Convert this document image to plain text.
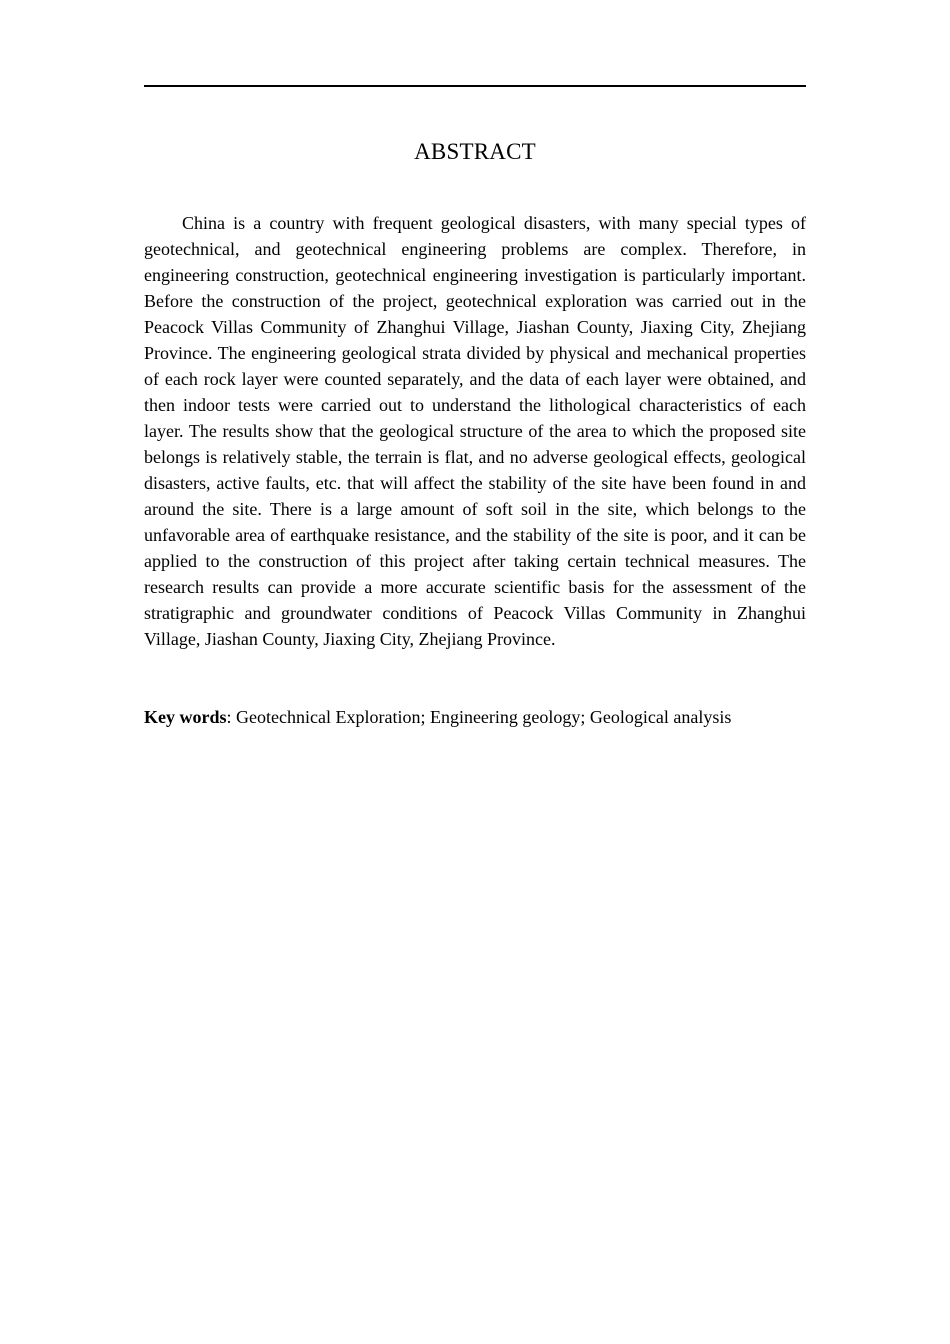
ABSTRACT

China is a country with frequent geological disasters, with many special types of geotechnical, and geotechnical engineering problems are complex. Therefore, in engineering construction, geotechnical engineering investigation is particularly important. Before the construction of the project, geotechnical exploration was carried out in the Peacock Villas Community of Zhanghui Village, Jiashan County, Jiaxing City, Zhejiang Province. The engineering geological strata divided by physical and mechanical properties of each rock layer were counted separately, and the data of each layer were obtained, and then indoor tests were carried out to understand the lithological characteristics of each layer. The results show that the geological structure of the area to which the proposed site belongs is relatively stable, the terrain is flat, and no adverse geological effects, geological disasters, active faults, etc. that will affect the stability of the site have been found in and around the site. There is a large amount of soft soil in the site, which belongs to the unfavorable area of earthquake resistance, and the stability of the site is poor, and it can be applied to the construction of this project after taking certain technical measures. The research results can provide a more accurate scientific basis for the assessment of the stratigraphic and groundwater conditions of Peacock Villas Community in Zhanghui Village, Jiashan County, Jiaxing City, Zhejiang Province.

Key words: Geotechnical Exploration; Engineering geology; Geological analysis
